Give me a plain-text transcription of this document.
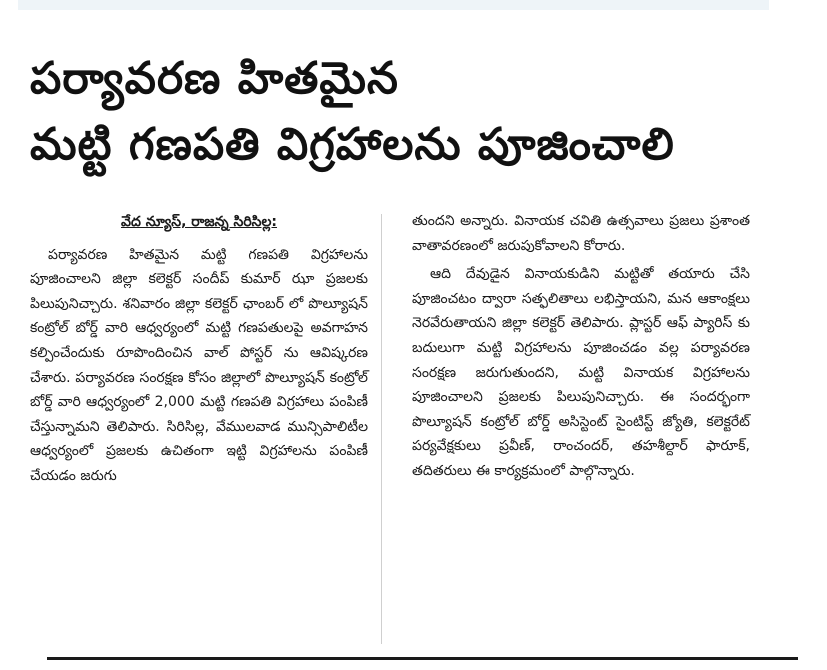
పర్యావరణ హితమైన
మట్టి గణపతి విగ్రహాలను పూజించాలి

వేద న్యూస్, రాజన్న సిరిసిల్ల:

పర్యావరణ హితమైన మట్టి గణపతి విగ్రహాలను పూజించాలని జిల్లా కలెక్టర్ సందీప్ కుమార్ ఝా ప్రజలకు పిలుపునిచ్చారు. శనివారం జిల్లా కలెక్టర్ ఛాంబర్ లో పొల్యూషన్ కంట్రోల్ బోర్డ్ వారి ఆధ్వర్యంలో మట్టి గణపతులపై అవగాహన కల్పించేందుకు రూపొందించిన వాల్ పోస్టర్ ను ఆవిష్కరణ చేశారు. పర్యావరణ సంరక్షణ కోసం జిల్లాలో పొల్యూషన్ కంట్రోల్ బోర్డ్ వారి ఆధ్వర్యంలో 2,000 మట్టి గణపతి విగ్రహాలు పంపిణీ చేస్తున్నామని తెలిపారు. సిరిసిల్ల, వేములవాడ మున్సిపాలిటీల ఆధ్వర్యంలో ప్రజలకు ఉచితంగా ఇట్టి విగ్రహాలను పంపిణీ చేయడం జరుగు

తుందని అన్నారు. వినాయక చవితి ఉత్సవాలు ప్రజలు ప్రశాంత వాతావరణంలో జరుపుకోవాలని కోరారు.

ఆది దేవుడైన వినాయకుడిని మట్టితో తయారు చేసి పూజించటం ద్వారా సత్ఫలితాలు లభిస్తాయని, మన ఆకాంక్షలు నెరవేరుతాయని జిల్లా కలెక్టర్ తెలిపారు. ప్లాస్టర్ ఆఫ్ ప్యారిస్ కు బదులుగా మట్టి విగ్రహాలను పూజించడం వల్ల పర్యావరణ సంరక్షణ జరుగుతుందని, మట్టి వినాయక విగ్రహాలను పూజించాలని ప్రజలకు పిలుపునిచ్చారు. ఈ సందర్భంగా పొల్యూషన్ కంట్రోల్ బోర్డ్ అసిస్టెంట్ సైంటిస్ట్ జ్యోతి, కలెక్టరేట్ పర్యవేక్షకులు ప్రవీణ్, రాంచందర్, తహశీల్దార్ ఫారూక్, తదితరులు ఈ కార్యక్రమంలో పాల్గొన్నారు.
